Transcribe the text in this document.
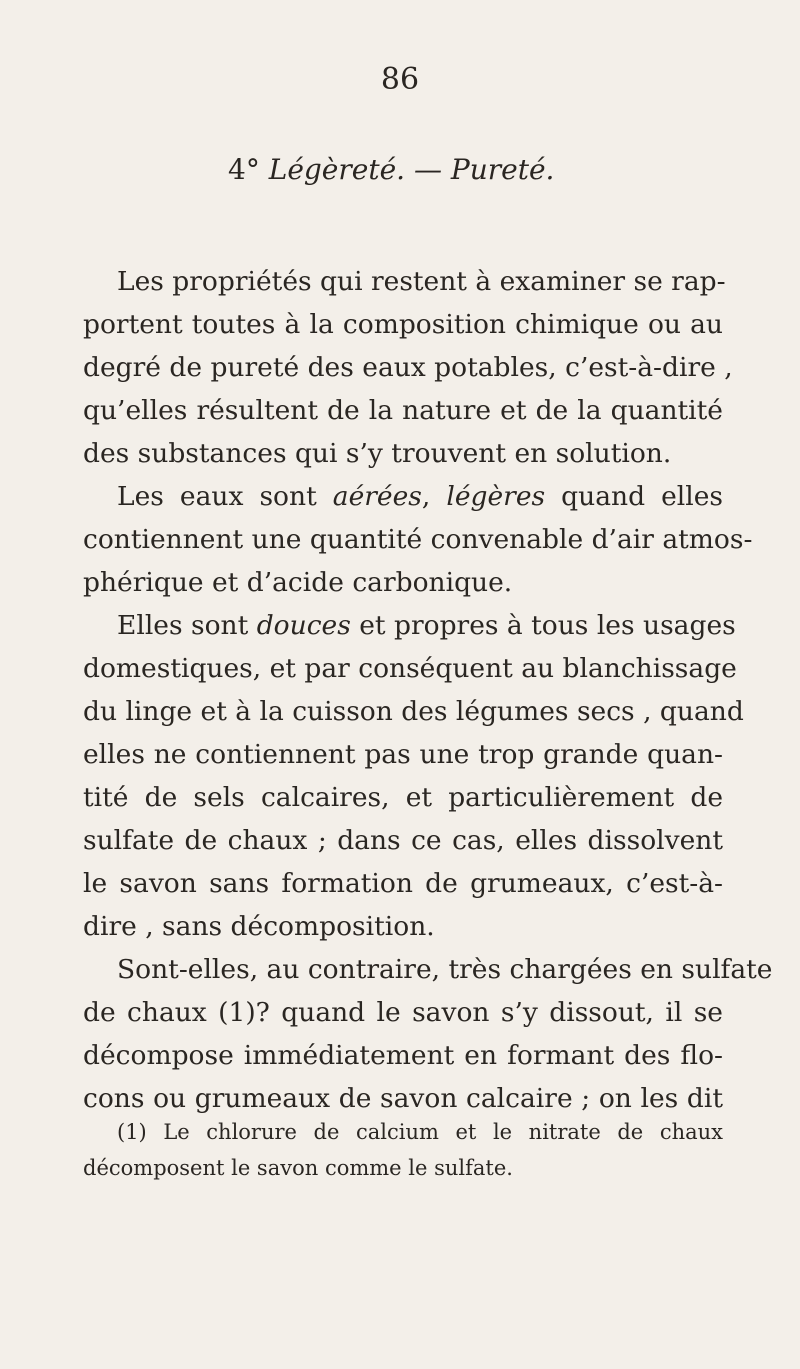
86
4° Légèreté. — Pureté.
Les propriétés qui restent à examiner se rap-
portent toutes à la composition chimique ou au
degré de pureté des eaux potables, c’est-à-dire ,
qu’elles résultent de la nature et de la quantité
des substances qui s’y trouvent en solution.
Les eaux sont aérées, légères quand elles
contiennent une quantité convenable d’air atmos-
phérique et d’acide carbonique.
Elles sont douces et propres à tous les usages
domestiques, et par conséquent au blanchissage
du linge et à la cuisson des légumes secs , quand
elles ne contiennent pas une trop grande quan-
tité de sels calcaires, et particulièrement de
sulfate de chaux ; dans ce cas, elles dissolvent
le savon sans formation de grumeaux, c’est-à-
dire , sans décomposition.
Sont-elles, au contraire, très chargées en sulfate
de chaux (1)? quand le savon s’y dissout, il se
décompose immédiatement en formant des flo-
cons ou grumeaux de savon calcaire ; on les dit
(1) Le chlorure de calcium et le nitrate de chaux
décomposent le savon comme le sulfate.
